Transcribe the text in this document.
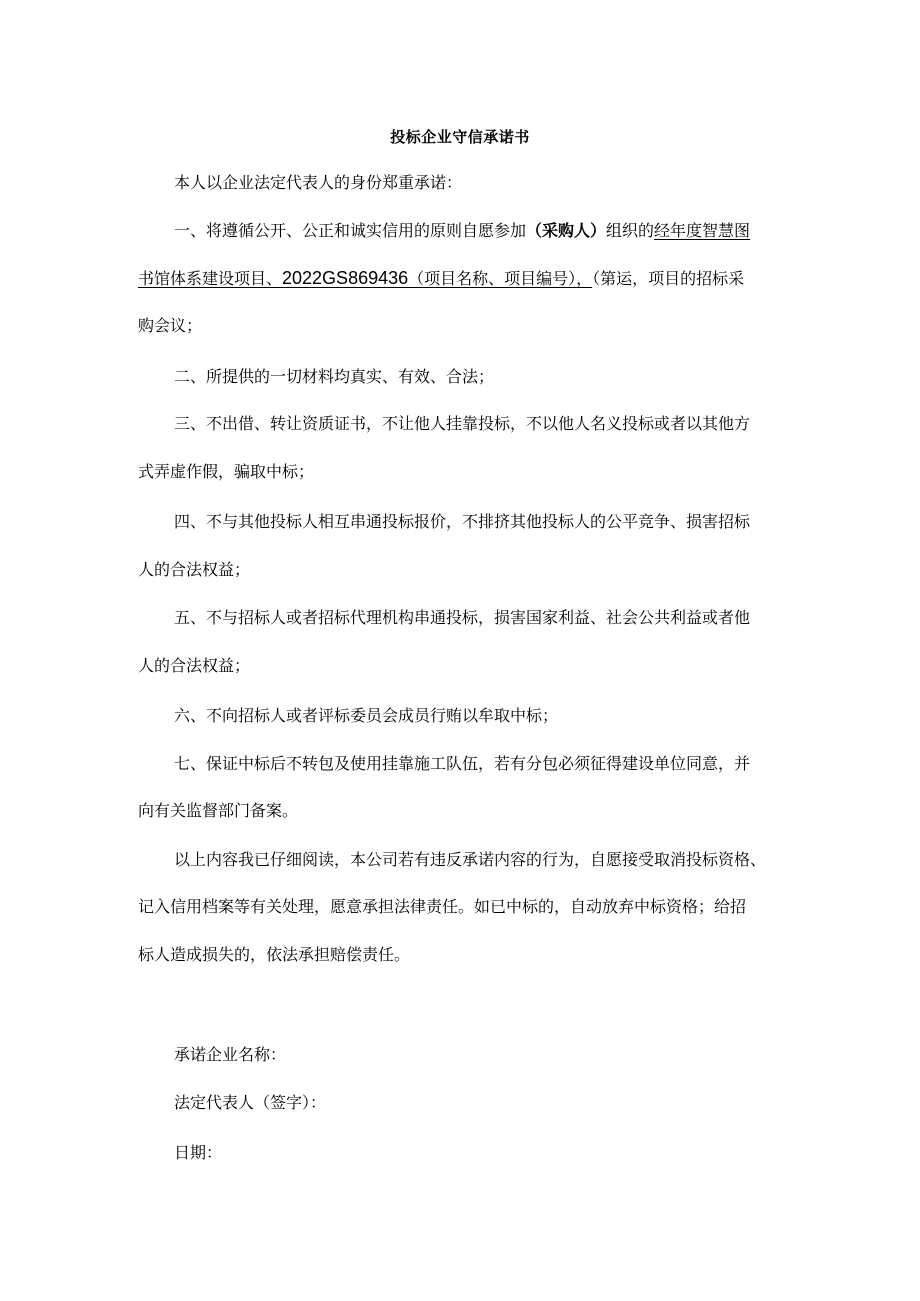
投标企业守信承诺书
本人以企业法定代表人的身份郑重承诺：
一、将遵循公开、公正和诚实信用的原则自愿参加（采购人）组织的经年度智慧图
书馆体系建设项目、2022GS869436（项目名称、项目编号），（第运，项目的招标采
购会议；
二、所提供的一切材料均真实、有效、合法；
三、不出借、转让资质证书，不让他人挂靠投标，不以他人名义投标或者以其他方
式弄虚作假，骗取中标；
四、不与其他投标人相互串通投标报价，不排挤其他投标人的公平竞争、损害招标
人的合法权益；
五、不与招标人或者招标代理机构串通投标，损害国家利益、社会公共利益或者他
人的合法权益；
六、不向招标人或者评标委员会成员行贿以牟取中标；
七、保证中标后不转包及使用挂靠施工队伍，若有分包必须征得建设单位同意，并
向有关监督部门备案。
以上内容我已仔细阅读，本公司若有违反承诺内容的行为，自愿接受取消投标资格、
记入信用档案等有关处理，愿意承担法律责任。如已中标的，自动放弃中标资格；给招
标人造成损失的，依法承担赔偿责任。
承诺企业名称：
法定代表人（签字）：
日期：
